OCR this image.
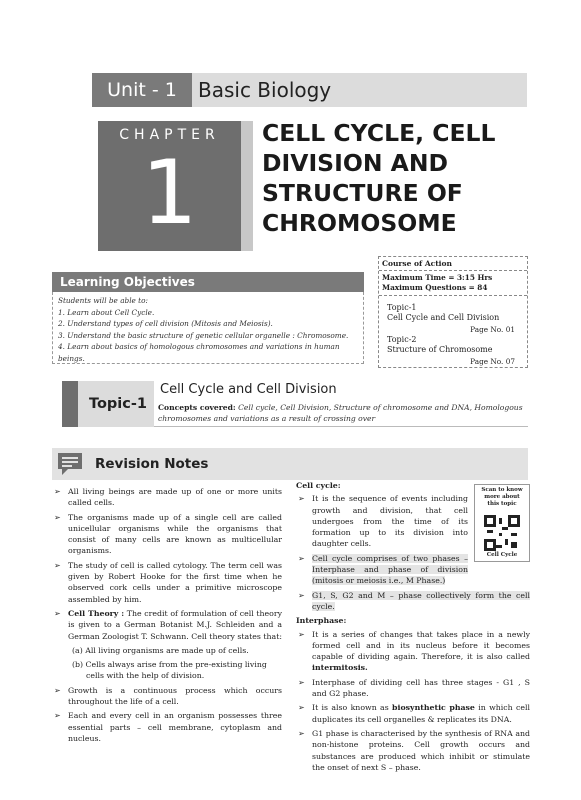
Unit - 1	Basic Biology
CHAPTER
1
CELL CYCLE, CELL
DIVISION AND
STRUCTURE OF
CHROMOSOME
Learning Objectives
Students will be able to:
1. Learn about Cell Cycle.
2. Understand types of cell division (Mitosis and Meiosis).
3. Understand the basic structure of genetic cellular organelle : Chromosome.
4. Learn about basics of homologous chromosomes and variations in human beings.
Course of Action
Maximum Time = 3:15 Hrs
Maximum Questions = 84
Topic-1
Cell Cycle and Cell Division
Page No. 01
Topic-2
Structure of Chromosome
Page No. 07
Topic-1
Cell Cycle and Cell Division
Concepts covered: Cell cycle, Cell Division, Structure of chromosome and DNA, Homologous chromosomes and variations as a result of crossing over
Revision Notes
➢ All living beings are made up of one or more units called cells.
➢ The organisms made up of a single cell are called unicellular organisms while the organisms that consist of many cells are known as multicellular organisms.
➢ The study of cell is called cytology. The term cell was given by Robert Hooke for the first time when he observed cork cells under a primitive microscope assembled by him.
➢ Cell Theory : The credit of formulation of cell theory is given to a German Botanist M.J. Schleiden and a German Zoologist T. Schwann. Cell theory states that:
(a) All living organisms are made up of cells.
(b) Cells always arise from the pre-existing living cells with the help of division.
➢ Growth is a continuous process which occurs throughout the life of a cell.
➢ Each and every cell in an organism possesses three essential parts – cell membrane, cytoplasm and nucleus.
Cell cycle:
➢ It is the sequence of events including growth and division, that cell undergoes from the time of its formation up to its division into daughter cells.
➢ Cell cycle comprises of two phases – Interphase and phase of division (mitosis or meiosis i.e., M Phase.)
➢ G1, S, G2 and M – phase collectively form the cell cycle.
Interphase:
➢ It is a series of changes that takes place in a newly formed cell and in its nucleus before it becomes capable of dividing again. Therefore, it is also called intermitosis.
➢ Interphase of dividing cell has three stages - G1 , S and G2 phase.
➢ It is also known as biosynthetic phase in which cell duplicates its cell organelles & replicates its DNA.
➢ G1 phase is characterised by the synthesis of RNA and non-histone proteins. Cell growth occurs and substances are produced which inhibit or stimulate the onset of next S – phase.
Scan to know more about this topic
Cell Cycle
